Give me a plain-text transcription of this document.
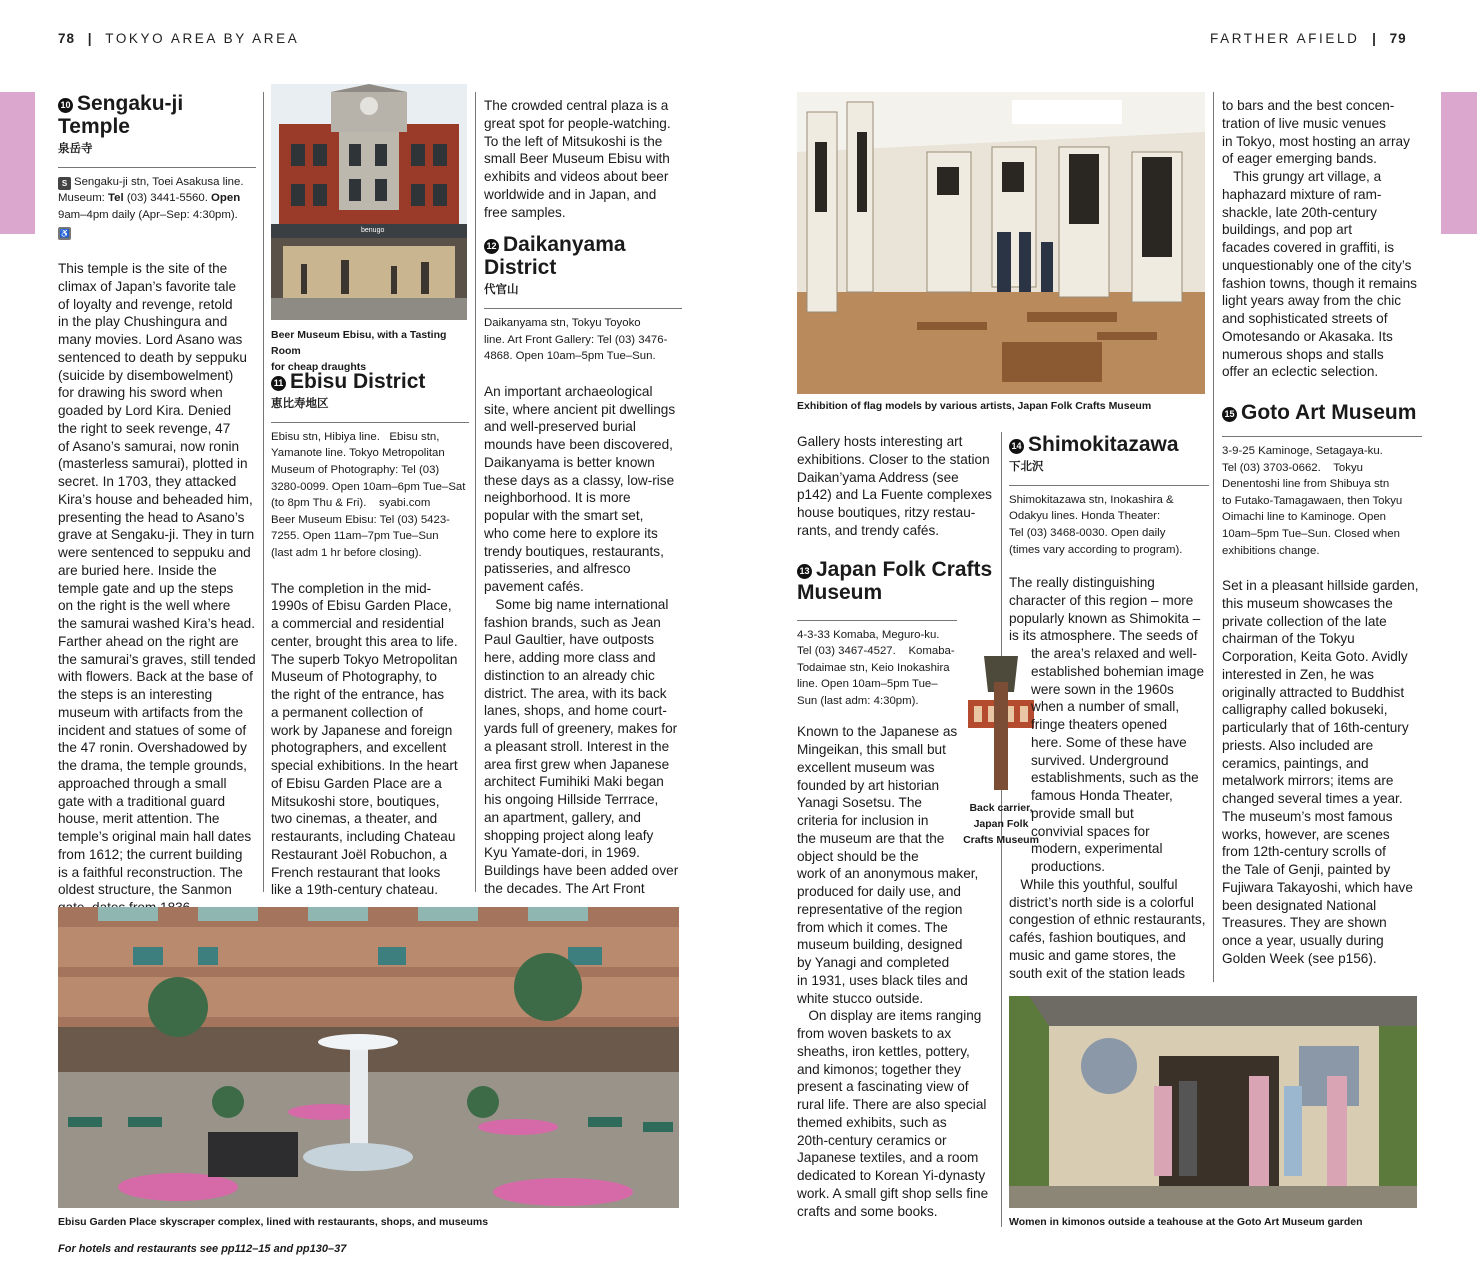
78 | TOKYO AREA BY AREA	FARTHER AFIELD | 79
10 Sengaku-ji
Temple
泉岳寺
S Sengaku-ji stn, Toei Asakusa line.
Museum: Tel (03) 3441-5560. Open
9am–4pm daily (Apr–Sep: 4:30pm). ♿
This temple is the site of the
climax of Japan’s favorite tale
of loyalty and revenge, retold
in the play Chushingura and
many movies. Lord Asano was
sentenced to death by seppuku
(suicide by disembowelment)
for drawing his sword when
goaded by Lord Kira. Denied
the right to seek revenge, 47
of Asano’s samurai, now ronin
(masterless samurai), plotted in
secret. In 1703, they attacked
Kira’s house and beheaded him,
presenting the head to Asano’s
grave at Sengaku-ji. They in turn
were sentenced to seppuku and
are buried here. Inside the
temple gate and up the steps
on the right is the well where
the samurai washed Kira’s head.
Farther ahead on the right are
the samurai’s graves, still tended
with flowers. Back at the base of
the steps is an interesting
museum with artifacts from the
incident and statues of some of
the 47 ronin. Overshadowed by
the drama, the temple grounds,
approached through a small
gate with a traditional guard
house, merit attention. The
temple’s original main hall dates
from 1612; the current building
is a faithful reconstruction. The
oldest structure, the Sanmon
benugo
Beer Museum Ebisu, with a Tasting Room
for cheap draughts
11 Ebisu District
恵比寿地区
Ebisu stn, Hibiya line.   Ebisu stn,
Yamanote line. Tokyo Metropolitan
Museum of Photography: Tel (03)
3280-0099. Open 10am–6pm Tue–Sat
(to 8pm Thu & Fri).    syabi.com
Beer Museum Ebisu: Tel (03) 5423-
7255. Open 11am–7pm Tue–Sun
(last adm 1 hr before closing).
The completion in the mid-
1990s of Ebisu Garden Place,
a commercial and residential
center, brought this area to life.
The superb Tokyo Metropolitan
Museum of Photography, to
the right of the entrance, has
a permanent collection of
work by Japanese and foreign
photographers, and excellent
special exhibitions. In the heart
of Ebisu Garden Place are a
Mitsukoshi store, boutiques,
two cinemas, a theater, and
restaurants, including Chateau
Restaurant Joël Robuchon, a
French restaurant that looks
like a 19th-century chateau.
The crowded central plaza is a
great spot for people-watching.
To the left of Mitsukoshi is the
small Beer Museum Ebisu with
exhibits and videos about beer
worldwide and in Japan, and
free samples.
12 Daikanyama
District
代官山
Daikanyama stn, Tokyu Toyoko
line. Art Front Gallery: Tel (03) 3476-
4868. Open 10am–5pm Tue–Sun.
An important archaeological
site, where ancient pit dwellings
and well-preserved burial
mounds have been discovered,
Daikanyama is better known
these days as a classy, low-rise
neighborhood. It is more
popular with the smart set,
who come here to explore its
trendy boutiques, restaurants,
patisseries, and alfresco
pavement cafés.
Some big name international
fashion brands, such as Jean
Paul Gaultier, have outposts
here, adding more class and
distinction to an already chic
district. The area, with its back
lanes, shops, and home court-
yards full of greenery, makes for
a pleasant stroll. Interest in the
area first grew when Japanese
architect Fumihiki Maki began
his ongoing Hillside Terrrace,
an apartment, gallery, and
shopping project along leafy
Kyu Yamate-dori, in 1969.
Buildings have been added over
the decades. The Art Front
Ebisu Garden Place skyscraper complex, lined with restaurants, shops, and museums
For hotels and restaurants see pp112–15 and pp130–37
Exhibition of flag models by various artists, Japan Folk Crafts Museum
Gallery hosts interesting art
exhibitions. Closer to the station
Daikan’yama Address (see
p142) and La Fuente complexes
house boutiques, ritzy restau-
rants, and trendy cafés.
13 Japan Folk Crafts
Museum
4-3-33 Komaba, Meguro-ku.
Tel (03) 3467-4527.    Komaba-
Todaimae stn, Keio Inokashira
line. Open 10am–5pm Tue–
Sun (last adm: 4:30pm).
Known to the Japanese as
Mingeikan, this small but
excellent museum was
founded by art historian
Yanagi Sosetsu. The
criteria for inclusion in
the museum are that the
object should be the
work of an anonymous maker,
produced for daily use, and
representative of the region
from which it comes. The
museum building, designed
by Yanagi and completed
in 1931, uses black tiles and
white stucco outside.
On display are items ranging
from woven baskets to ax
sheaths, iron kettles, pottery,
and kimonos; together they
present a fascinating view of
rural life. There are also special
themed exhibits, such as
20th-century ceramics or
Japanese textiles, and a room
dedicated to Korean Yi-dynasty
work. A small gift shop sells fine
crafts and some books.
Back carrier,
Japan Folk
Crafts Museum
14 Shimokitazawa
下北沢
Shimokitazawa stn, Inokashira &
Odakyu lines. Honda Theater:
Tel (03) 3468-0030. Open daily
(times vary according to program).
The really distinguishing
character of this region – more
popularly known as Shimokita –
is its atmosphere. The seeds of
the area’s relaxed and well-
established bohemian image
were sown in the 1960s
when a number of small,
fringe theaters opened
here. Some of these have
survived. Underground
establishments, such as the
famous Honda Theater,
provide small but
convivial spaces for
modern, experimental
productions.
While this youthful, soulful
district’s north side is a colorful
congestion of ethnic restaurants,
cafés, fashion boutiques, and
music and game stores, the
south exit of the station leads
Women in kimonos outside a teahouse at the Goto Art Museum garden
to bars and the best concen-
tration of live music venues
in Tokyo, most hosting an array
of eager emerging bands.
This grungy art village, a
haphazard mixture of ram-
shackle, late 20th-century
buildings, and pop art
facades covered in graffiti, is
unquestionably one of the city’s
fashion towns, though it remains
light years away from the chic
and sophisticated streets of
Omotesando or Akasaka. Its
numerous shops and stalls
offer an eclectic selection.
15 Goto Art Museum
3-9-25 Kaminoge, Setagaya-ku.
Tel (03) 3703-0662.    Tokyu
Denentoshi line from Shibuya stn
to Futako-Tamagawaen, then Tokyu
Oimachi line to Kaminoge. Open
10am–5pm Tue–Sun. Closed when
exhibitions change.
Set in a pleasant hillside garden,
this museum showcases the
private collection of the late
chairman of the Tokyu
Corporation, Keita Goto. Avidly
interested in Zen, he was
originally attracted to Buddhist
calligraphy called bokuseki,
particularly that of 16th-century
priests. Also included are
ceramics, paintings, and
metalwork mirrors; items are
changed several times a year.
The museum’s most famous
works, however, are scenes
from 12th-century scrolls of
the Tale of Genji, painted by
Fujiwara Takayoshi, which have
been designated National
Treasures. They are shown
once a year, usually during
Golden Week (see p156).
